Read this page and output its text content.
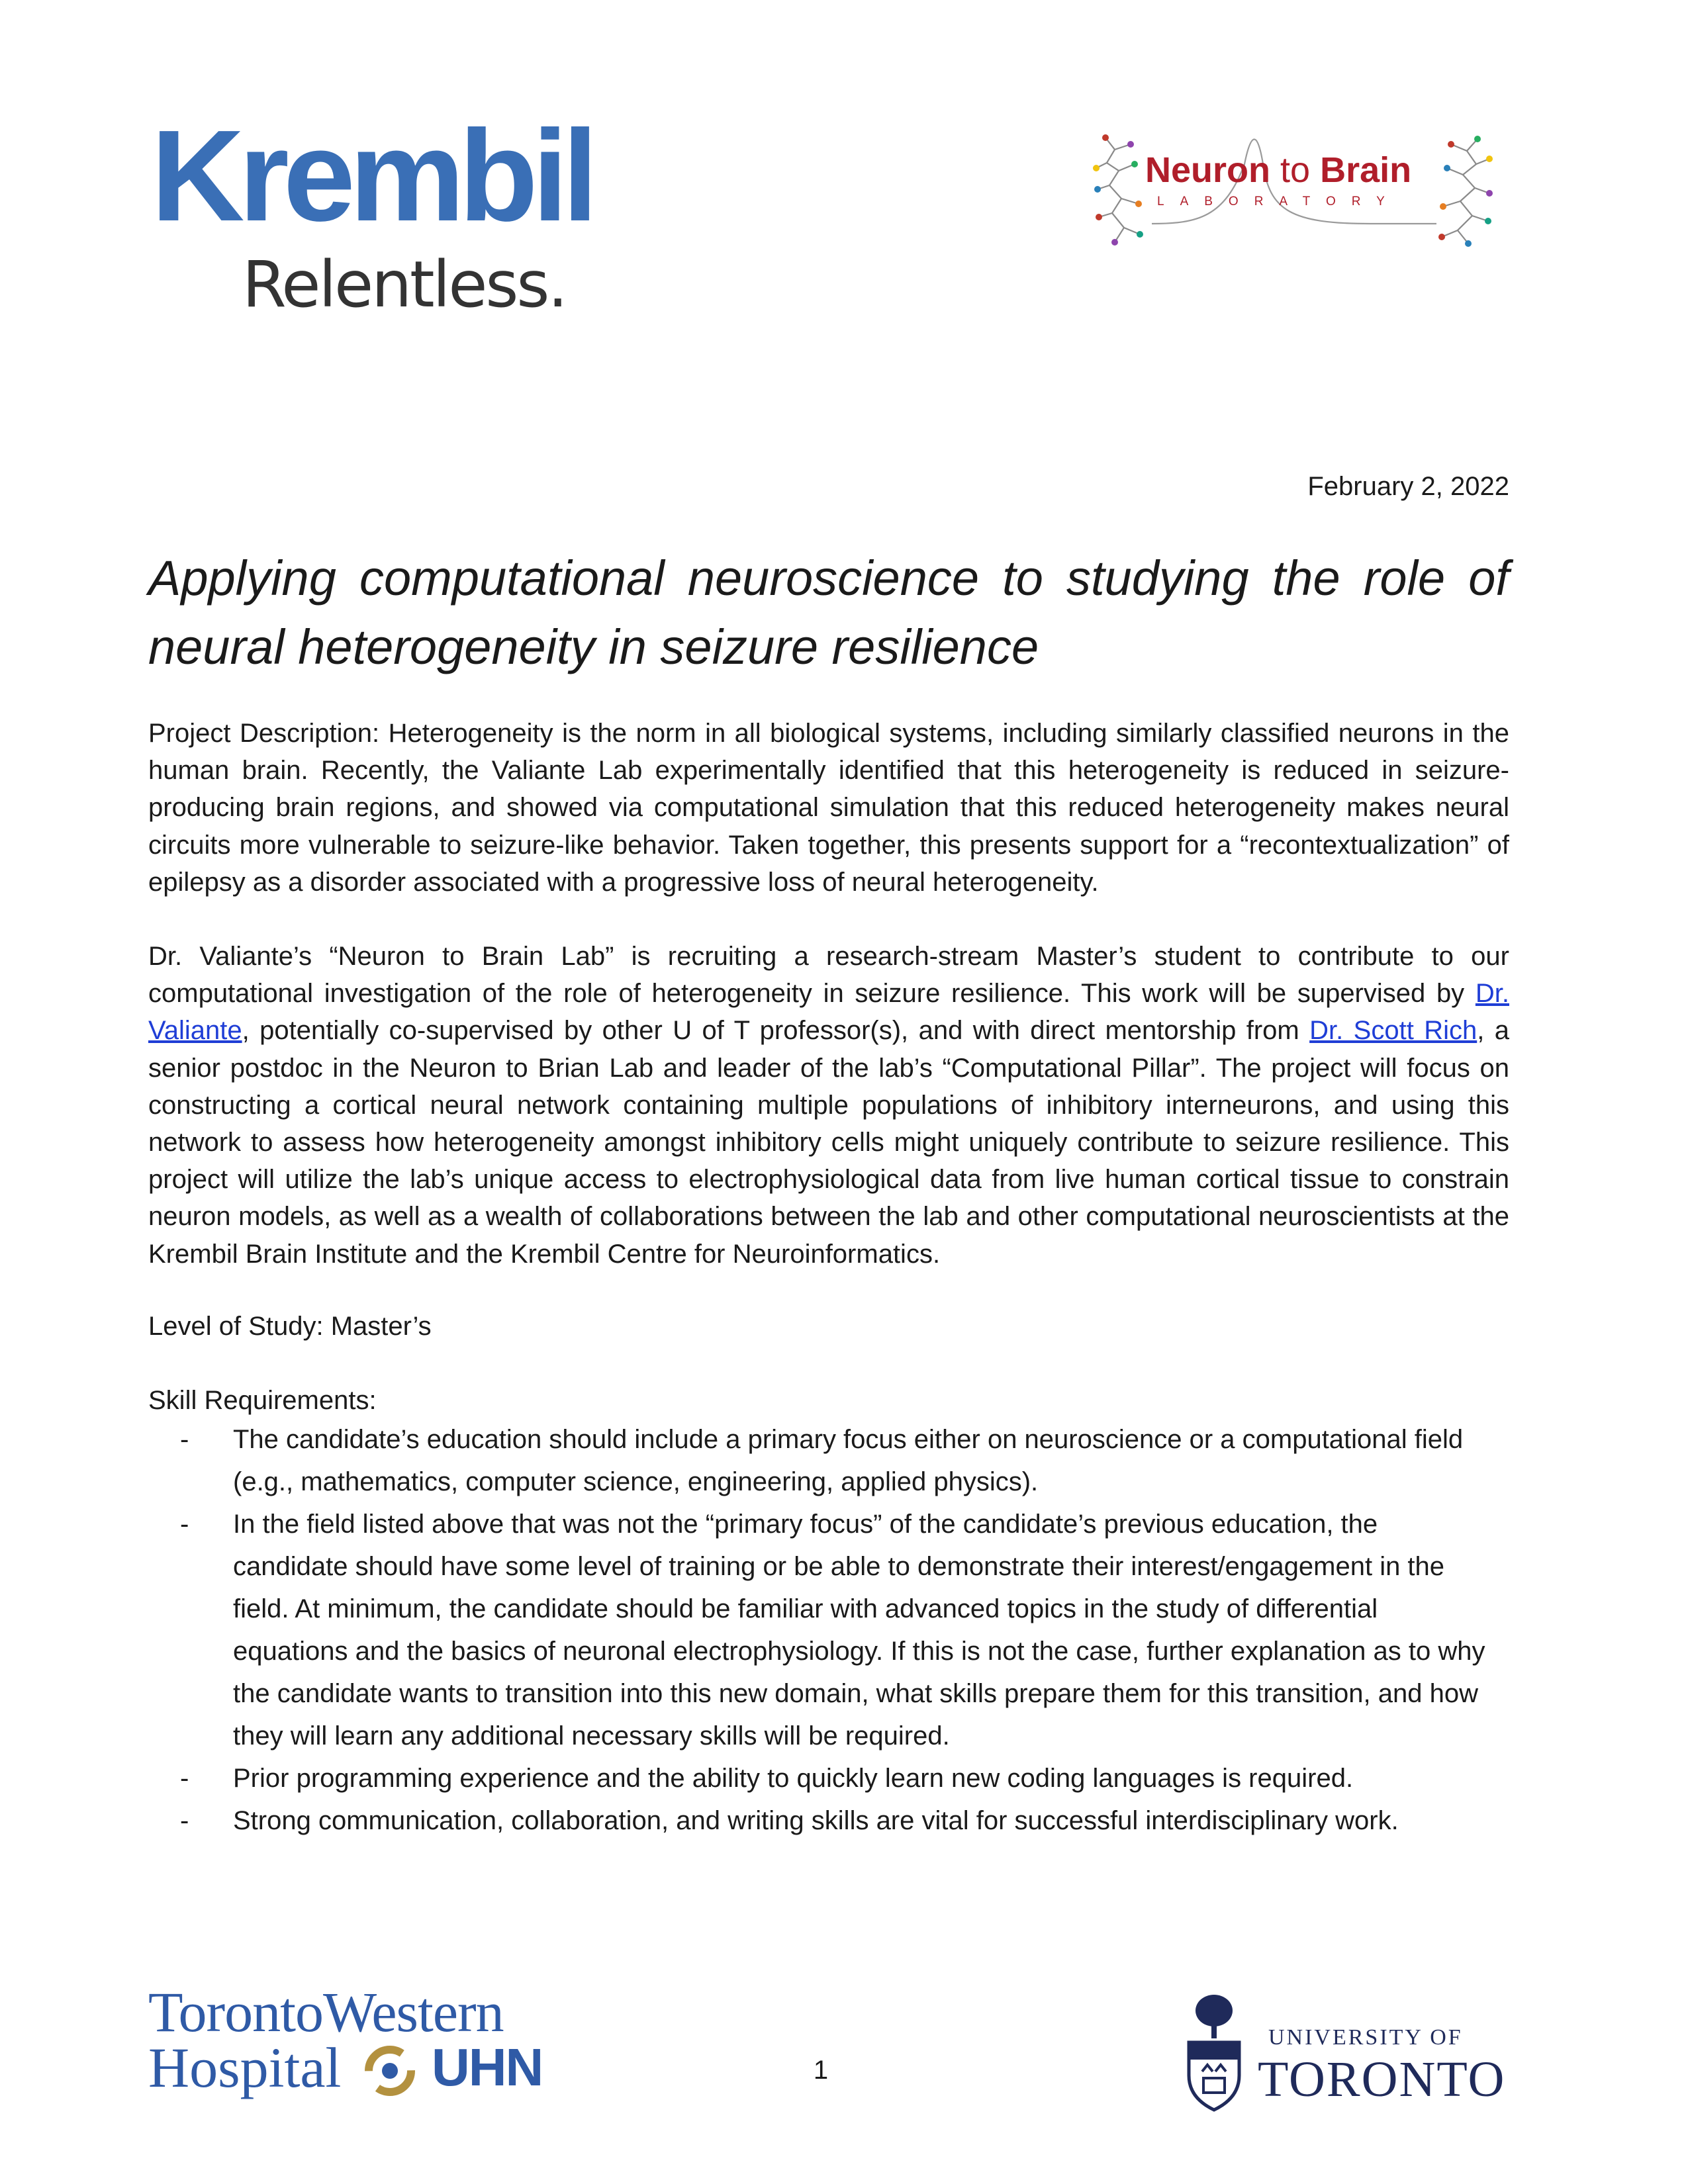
Krembil
Relentless.
Neuron to Brain
LABORATORY
February 2, 2022
Applying computational neuroscience to studying the role of neural heterogeneity in seizure resilience

Project Description: Heterogeneity is the norm in all biological systems, including similarly classified neurons in the human brain. Recently, the Valiante Lab experimentally identified that this heterogeneity is reduced in seizure-producing brain regions, and showed via computational simulation that this reduced heterogeneity makes neural circuits more vulnerable to seizure-like behavior. Taken together, this presents support for a “recontextualization” of epilepsy as a disorder associated with a progressive loss of neural heterogeneity.

Dr. Valiante’s “Neuron to Brain Lab” is recruiting a research-stream Master’s student to contribute to our computational investigation of the role of heterogeneity in seizure resilience. This work will be supervised by Dr. Valiante, potentially co-supervised by other U of T professor(s), and with direct mentorship from Dr. Scott Rich, a senior postdoc in the Neuron to Brian Lab and leader of the lab’s “Computational Pillar”. The project will focus on constructing a cortical neural network containing multiple populations of inhibitory interneurons, and using this network to assess how heterogeneity amongst inhibitory cells might uniquely contribute to seizure resilience. This project will utilize the lab’s unique access to electrophysiological data from live human cortical tissue to constrain neuron models, as well as a wealth of collaborations between the lab and other computational neuroscientists at the Krembil Brain Institute and the Krembil Centre for Neuroinformatics.

Level of Study: Master’s

Skill Requirements:
- The candidate’s education should include a primary focus either on neuroscience or a computational field (e.g., mathematics, computer science, engineering, applied physics).
- In the field listed above that was not the “primary focus” of the candidate’s previous education, the candidate should have some level of training or be able to demonstrate their interest/engagement in the field. At minimum, the candidate should be familiar with advanced topics in the study of differential equations and the basics of neuronal electrophysiology. If this is not the case, further explanation as to why the candidate wants to transition into this new domain, what skills prepare them for this transition, and how they will learn any additional necessary skills will be required.
- Prior programming experience and the ability to quickly learn new coding languages is required.
- Strong communication, collaboration, and writing skills are vital for successful interdisciplinary work.
TorontoWestern
Hospital UHN	1
UNIVERSITY OF
TORONTO
